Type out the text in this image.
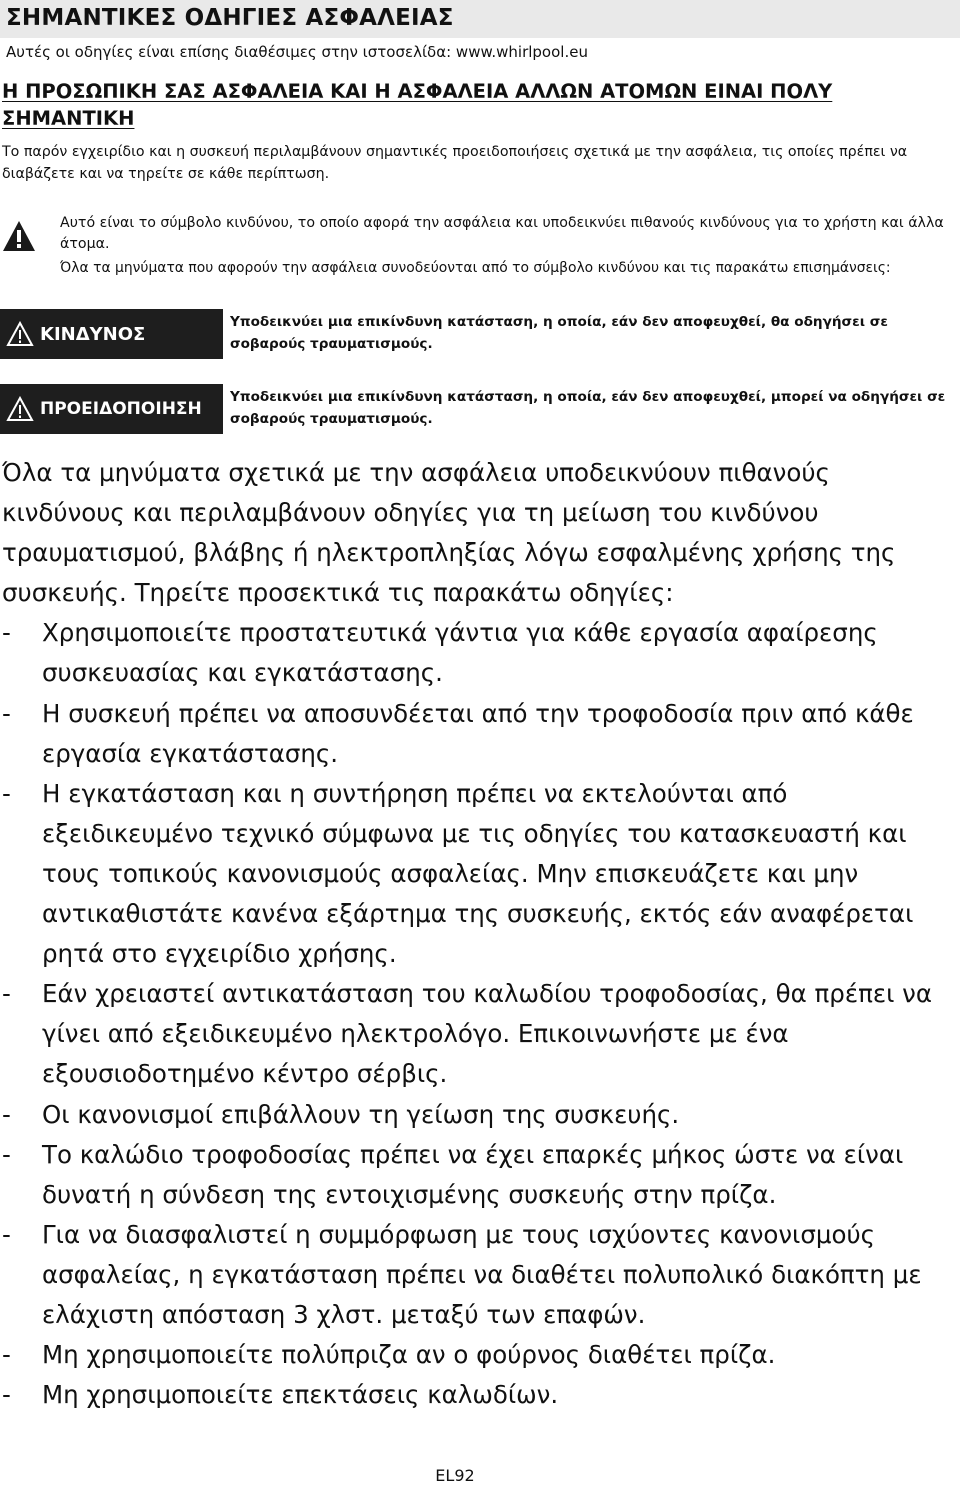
ΣΗΜΑΝΤΙΚΕΣ ΟΔΗΓΙΕΣ ΑΣΦΑΛΕΙΑΣ
Αυτές οι οδηγίες είναι επίσης διαθέσιμες στην ιστοσελίδα: www.whirlpool.eu
Η ΠΡΟΣΩΠΙΚΗ ΣΑΣ ΑΣΦΑΛΕΙΑ ΚΑΙ Η ΑΣΦΑΛΕΙΑ ΑΛΛΩΝ ΑΤΟΜΩΝ ΕΙΝΑΙ ΠΟΛΥ ΣΗΜΑΝΤΙΚΗ
Το παρόν εγχειρίδιο και η συσκευή περιλαμβάνουν σημαντικές προειδοποιήσεις σχετικά με την ασφάλεια, τις οποίες πρέπει να διαβάζετε και να τηρείτε σε κάθε περίπτωση.
Αυτό είναι το σύμβολο κινδύνου, το οποίο αφορά την ασφάλεια και υποδεικνύει πιθανούς κινδύνους για το χρήστη και άλλα άτομα.
Όλα τα μηνύματα που αφορούν την ασφάλεια συνοδεύονται από το σύμβολο κινδύνου και τις παρακάτω επισημάνσεις:
ΚΙΝΔΥΝΟΣ
Υποδεικνύει μια επικίνδυνη κατάσταση, η οποία, εάν δεν αποφευχθεί, θα οδηγήσει σε σοβαρούς τραυματισμούς.
ΠΡΟΕΙΔΟΠΟΙΗΣΗ
Υποδεικνύει μια επικίνδυνη κατάσταση, η οποία, εάν δεν αποφευχθεί, μπορεί να οδηγήσει σε σοβαρούς τραυματισμούς.

Όλα τα μηνύματα σχετικά με την ασφάλεια υποδεικνύουν πιθανούς κινδύνους και περιλαμβάνουν οδηγίες για τη μείωση του κινδύνου τραυματισμού, βλάβης ή ηλεκτροπληξίας λόγω εσφαλμένης χρήσης της συσκευής. Τηρείτε προσεκτικά τις παρακάτω οδηγίες:

- Χρησιμοποιείτε προστατευτικά γάντια για κάθε εργασία αφαίρεσης συσκευασίας και εγκατάστασης.
- Η συσκευή πρέπει να αποσυνδέεται από την τροφοδοσία πριν από κάθε εργασία εγκατάστασης.
- Η εγκατάσταση και η συντήρηση πρέπει να εκτελούνται από εξειδικευμένο τεχνικό σύμφωνα με τις οδηγίες του κατασκευαστή και τους τοπικούς κανονισμούς ασφαλείας. Μην επισκευάζετε και μην αντικαθιστάτε κανένα εξάρτημα της συσκευής, εκτός εάν αναφέρεται ρητά στο εγχειρίδιο χρήσης.
- Εάν χρειαστεί αντικατάσταση του καλωδίου τροφοδοσίας, θα πρέπει να γίνει από εξειδικευμένο ηλεκτρολόγο. Επικοινωνήστε με ένα εξουσιοδοτημένο κέντρο σέρβις.
- Οι κανονισμοί επιβάλλουν τη γείωση της συσκευής.
- Το καλώδιο τροφοδοσίας πρέπει να έχει επαρκές μήκος ώστε να είναι δυνατή η σύνδεση της εντοιχισμένης συσκευής στην πρίζα.
- Για να διασφαλιστεί η συμμόρφωση με τους ισχύοντες κανονισμούς ασφαλείας, η εγκατάσταση πρέπει να διαθέτει πολυπολικό διακόπτη με ελάχιστη απόσταση 3 χλστ. μεταξύ των επαφών.
- Μη χρησιμοποιείτε πολύπριζα αν ο φούρνος διαθέτει πρίζα.
- Μη χρησιμοποιείτε επεκτάσεις καλωδίων.
EL92
